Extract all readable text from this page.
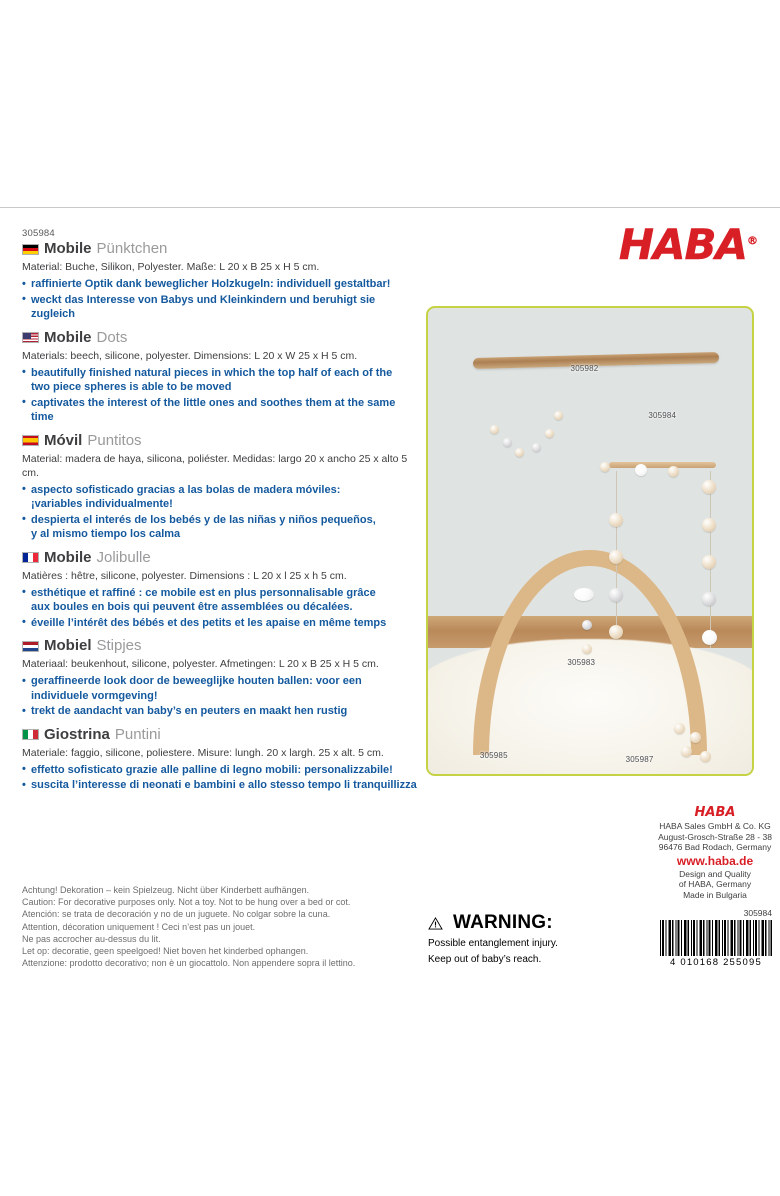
HABA®
305984
Mobile Pünktchen
Material: Buche, Silikon, Polyester. Maße: L 20 x B 25 x H 5 cm.
• raffinierte Optik dank beweglicher Holzkugeln: individuell gestaltbar!
• weckt das Interesse von Babys und Kleinkindern und beruhigt sie zugleich
Mobile Dots
Materials: beech, silicone, polyester. Dimensions: L 20 x W 25 x H 5 cm.
• beautifully finished natural pieces in which the top half of each of the
two piece spheres is able to be moved
• captivates the interest of the little ones and soothes them at the same time
Móvil Puntitos
Material: madera de haya, silicona, poliéster. Medidas: largo 20 x ancho 25 x alto 5 cm.
• aspecto sofisticado gracias a las bolas de madera móviles:
¡variables individualmente!
• despierta el interés de los bebés y de las niñas y niños pequeños,
y al mismo tiempo los calma
Mobile Jolibulle
Matières : hêtre, silicone, polyester. Dimensions : L 20 x l 25 x h 5 cm.
• esthétique et raffiné : ce mobile est en plus personnalisable grâce
aux boules en bois qui peuvent être assemblées ou décalées.
• éveille l’intérêt des bébés et des petits et les apaise en même temps
Mobiel Stipjes
Materiaal: beukenhout, silicone, polyester. Afmetingen: L 20 x B 25 x H 5 cm.
• geraffineerde look door de beweeglijke houten ballen: voor een
individuele vormgeving!
• trekt de aandacht van baby’s en peuters en maakt hen rustig
Giostrina Puntini
Materiale: faggio, silicone, poliestere. Misure: lungh. 20 x largh. 25 x alt. 5 cm.
• effetto sofisticato grazie alle palline di legno mobili: personalizzabile!
• suscita l’interesse di neonati e bambini e allo stesso tempo li tranquillizza

Achtung! Dekoration – kein Spielzeug. Nicht über Kinderbett aufhängen.

Caution: For decorative purposes only. Not a toy. Not to be hung over a bed or cot.

Atención: se trata de decoración y no de un juguete. No colgar sobre la cuna.

Attention, décoration uniquement ! Ceci n’est pas un jouet.

Ne pas accrocher au-dessus du lit.

Let op: decoratie, geen speelgoed! Niet boven het kinderbed ophangen.

Attenzione: prodotto decorativo; non è un giocattolo. Non appendere sopra il lettino.

305982
305984
305983
305985
305987
HABA

HABA Sales GmbH & Co. KG

August-Grosch-Straße 28 - 38

96476 Bad Rodach, Germany

www.haba.de

Design and Quality

of HABA, Germany

Made in Bulgaria

WARNING:

Possible entanglement injury.

Keep out of baby’s reach.

305984
4 010168 255095
